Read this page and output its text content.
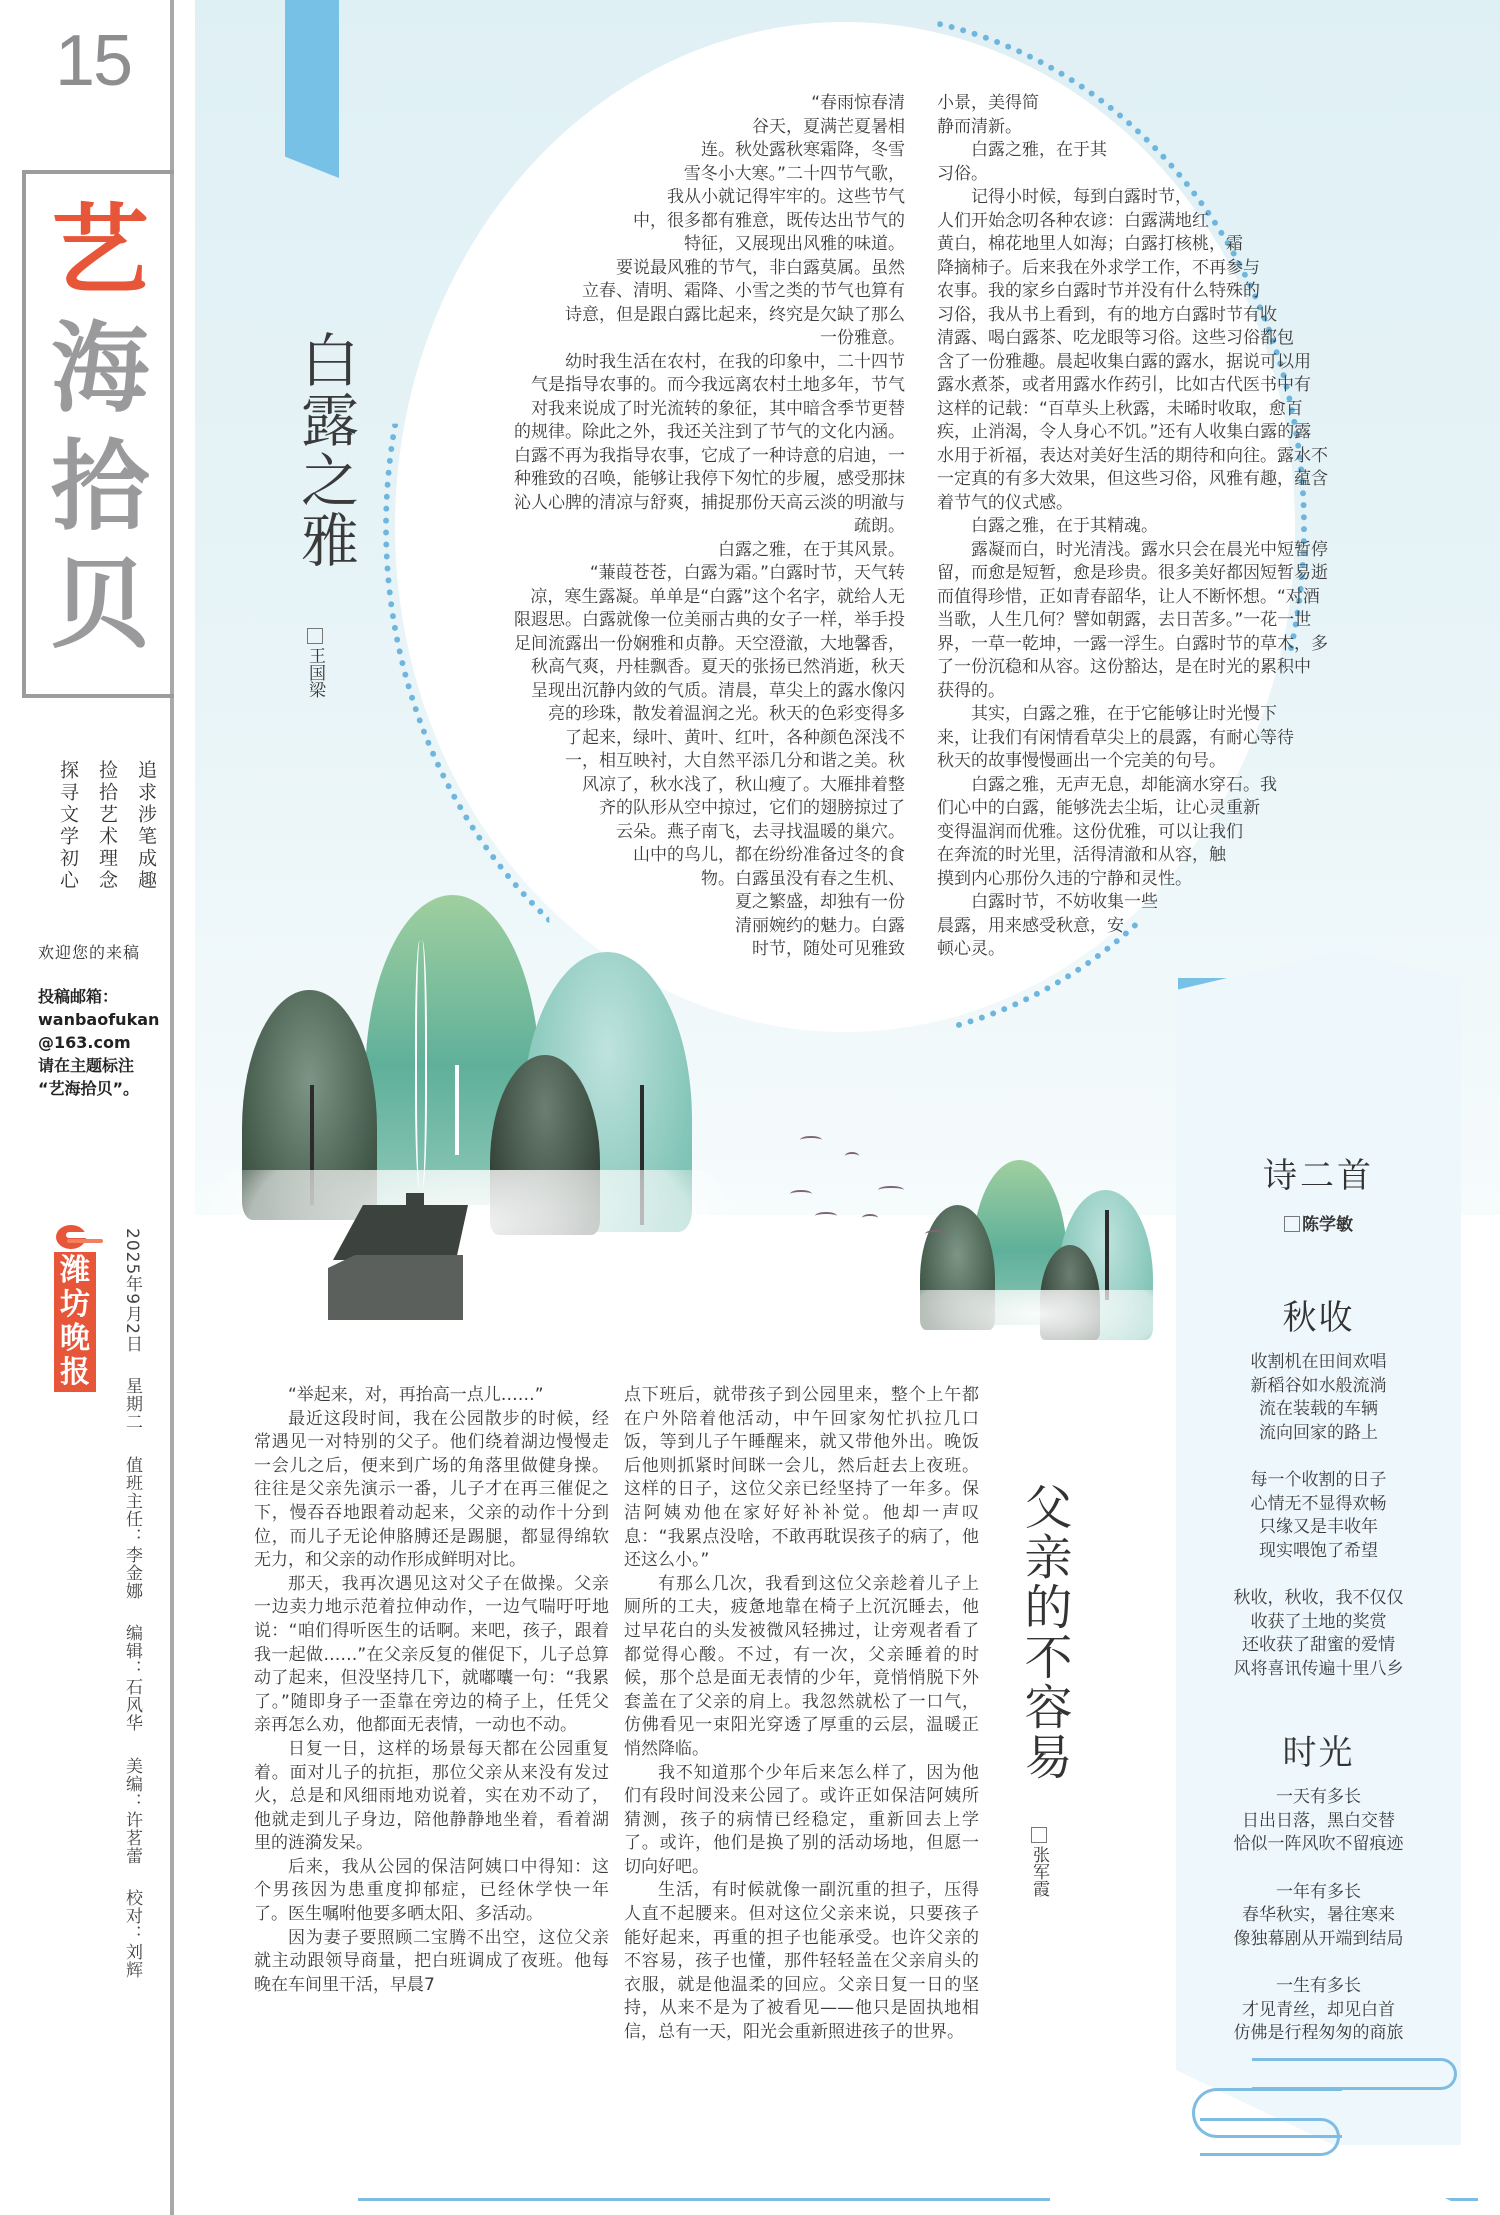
15
艺
海
拾
贝
追求涉笔成趣
捡拾艺术理念
探寻文学初心
欢迎您的来稿
投稿邮箱：
wanbaofukan
@163.com
请在主题标注
“艺海拾贝”。
潍
坊
晚
报
2025年9月2日 星期二 值班主任：李金娜 编辑：石风华 美编：许茗蕾 校对：刘辉
白露之雅
王国梁
“春雨惊春清
谷天，夏满芒夏暑相
连。秋处露秋寒霜降，冬雪
雪冬小大寒。”二十四节气歌，
我从小就记得牢牢的。这些节气
中，很多都有雅意，既传达出节气的
特征，又展现出风雅的味道。
要说最风雅的节气，非白露莫属。虽然
立春、清明、霜降、小雪之类的节气也算有
诗意，但是跟白露比起来，终究是欠缺了那么
一份雅意。
幼时我生活在农村，在我的印象中，二十四节
气是指导农事的。而今我远离农村土地多年，节气
对我来说成了时光流转的象征，其中暗含季节更替
的规律。除此之外，我还关注到了节气的文化内涵。
白露不再为我指导农事，它成了一种诗意的启迪，一
种雅致的召唤，能够让我停下匆忙的步履，感受那抹
沁人心脾的清凉与舒爽，捕捉那份天高云淡的明澈与
疏朗。
白露之雅，在于其风景。
“蒹葭苍苍，白露为霜。”白露时节，天气转
凉，寒生露凝。单单是“白露”这个名字，就给人无
限遐思。白露就像一位美丽古典的女子一样，举手投
足间流露出一份娴雅和贞静。天空澄澈，大地馨香，
秋高气爽，丹桂飘香。夏天的张扬已然消逝，秋天
呈现出沉静内敛的气质。清晨，草尖上的露水像闪
亮的珍珠，散发着温润之光。秋天的色彩变得多
了起来，绿叶、黄叶、红叶，各种颜色深浅不
一，相互映衬，大自然平添几分和谐之美。秋
风凉了，秋水浅了，秋山瘦了。大雁排着整
齐的队形从空中掠过，它们的翅膀掠过了
云朵。燕子南飞，去寻找温暖的巢穴。
山中的鸟儿，都在纷纷准备过冬的食
物。白露虽没有春之生机、
夏之繁盛，却独有一份
清丽婉约的魅力。白露
时节，随处可见雅致
小景，美得简
静而清新。
　　白露之雅，在于其
习俗。
　　记得小时候，每到白露时节，
人们开始念叨各种农谚：白露满地红
黄白，棉花地里人如海；白露打核桃，霜
降摘柿子。后来我在外求学工作，不再参与
农事。我的家乡白露时节并没有什么特殊的
习俗，我从书上看到，有的地方白露时节有收
清露、喝白露茶、吃龙眼等习俗。这些习俗都包
含了一份雅趣。晨起收集白露的露水，据说可以用
露水煮茶，或者用露水作药引，比如古代医书中有
这样的记载：“百草头上秋露，未晞时收取，愈百
疾，止消渴，令人身心不饥。”还有人收集白露的露
水用于祈福，表达对美好生活的期待和向往。露水不
一定真的有多大效果，但这些习俗，风雅有趣，蕴含
着节气的仪式感。
　　白露之雅，在于其精魂。
　　露凝而白，时光清浅。露水只会在晨光中短暂停
留，而愈是短暂，愈是珍贵。很多美好都因短暂易逝
而值得珍惜，正如青春韶华，让人不断怀想。“对酒
当歌，人生几何？譬如朝露，去日苦多。”一花一世
界，一草一乾坤，一露一浮生。白露时节的草木，多
了一份沉稳和从容。这份豁达，是在时光的累积中
获得的。
　　其实，白露之雅，在于它能够让时光慢下
来，让我们有闲情看草尖上的晨露，有耐心等待
秋天的故事慢慢画出一个完美的句号。
　　白露之雅，无声无息，却能滴水穿石。我
们心中的白露，能够洗去尘垢，让心灵重新
变得温润而优雅。这份优雅，可以让我们
在奔流的时光里，活得清澈和从容，触
摸到内心那份久违的宁静和灵性。
　　白露时节，不妨收集一些
晨露，用来感受秋意，安
顿心灵。

“举起来，对，再抬高一点儿……”

最近这段时间，我在公园散步的时候，经常遇见一对特别的父子。他们绕着湖边慢慢走一会儿之后，便来到广场的角落里做健身操。往往是父亲先演示一番，儿子才在再三催促之下，慢吞吞地跟着动起来，父亲的动作十分到位，而儿子无论伸胳膊还是踢腿，都显得绵软无力，和父亲的动作形成鲜明对比。

那天，我再次遇见这对父子在做操。父亲一边卖力地示范着拉伸动作，一边气喘吁吁地说：“咱们得听医生的话啊。来吧，孩子，跟着我一起做……”在父亲反复的催促下，儿子总算动了起来，但没坚持几下，就嘟囔一句：“我累了。”随即身子一歪靠在旁边的椅子上，任凭父亲再怎么劝，他都面无表情，一动也不动。

日复一日，这样的场景每天都在公园重复着。面对儿子的抗拒，那位父亲从来没有发过火，总是和风细雨地劝说着，实在劝不动了，他就走到儿子身边，陪他静静地坐着，看着湖里的涟漪发呆。

后来，我从公园的保洁阿姨口中得知：这个男孩因为患重度抑郁症，已经休学快一年了。医生嘱咐他要多晒太阳、多活动。

因为妻子要照顾二宝腾不出空，这位父亲就主动跟领导商量，把白班调成了夜班。他每晚在车间里干活，早晨7

点下班后，就带孩子到公园里来，整个上午都在户外陪着他活动，中午回家匆忙扒拉几口饭，等到儿子午睡醒来，就又带他外出。晚饭后他则抓紧时间眯一会儿，然后赶去上夜班。这样的日子，这位父亲已经坚持了一年多。保洁阿姨劝他在家好好补补觉。他却一声叹息：“我累点没啥，不敢再耽误孩子的病了，他还这么小。”

有那么几次，我看到这位父亲趁着儿子上厕所的工夫，疲惫地靠在椅子上沉沉睡去，他过早花白的头发被微风轻拂过，让旁观者看了都觉得心酸。不过，有一次，父亲睡着的时候，那个总是面无表情的少年，竟悄悄脱下外套盖在了父亲的肩上。我忽然就松了一口气，仿佛看见一束阳光穿透了厚重的云层，温暖正悄然降临。

我不知道那个少年后来怎么样了，因为他们有段时间没来公园了。或许正如保洁阿姨所猜测，孩子的病情已经稳定，重新回去上学了。或许，他们是换了别的活动场地，但愿一切向好吧。

生活，有时候就像一副沉重的担子，压得人直不起腰来。但对这位父亲来说，只要孩子能好起来，再重的担子也能承受。也许父亲的不容易，孩子也懂，那件轻轻盖在父亲肩头的衣服，就是他温柔的回应。父亲日复一日的坚持，从来不是为了被看见——他只是固执地相信，总有一天，阳光会重新照进孩子的世界。

父亲的不容易
张军霞
诗二首
陈学敏
秋收
收割机在田间欢唱
新稻谷如水般流淌
流在装载的车辆
流向回家的路上
每一个收割的日子
心情无不显得欢畅
只缘又是丰收年
现实喂饱了希望
秋收，秋收，我不仅仅
收获了土地的奖赏
还收获了甜蜜的爱情
风将喜讯传遍十里八乡
时光
一天有多长
日出日落，黑白交替
恰似一阵风吹不留痕迹
一年有多长
春华秋实，暑往寒来
像独幕剧从开端到结局
一生有多长
才见青丝，却见白首
仿佛是行程匆匆的商旅
